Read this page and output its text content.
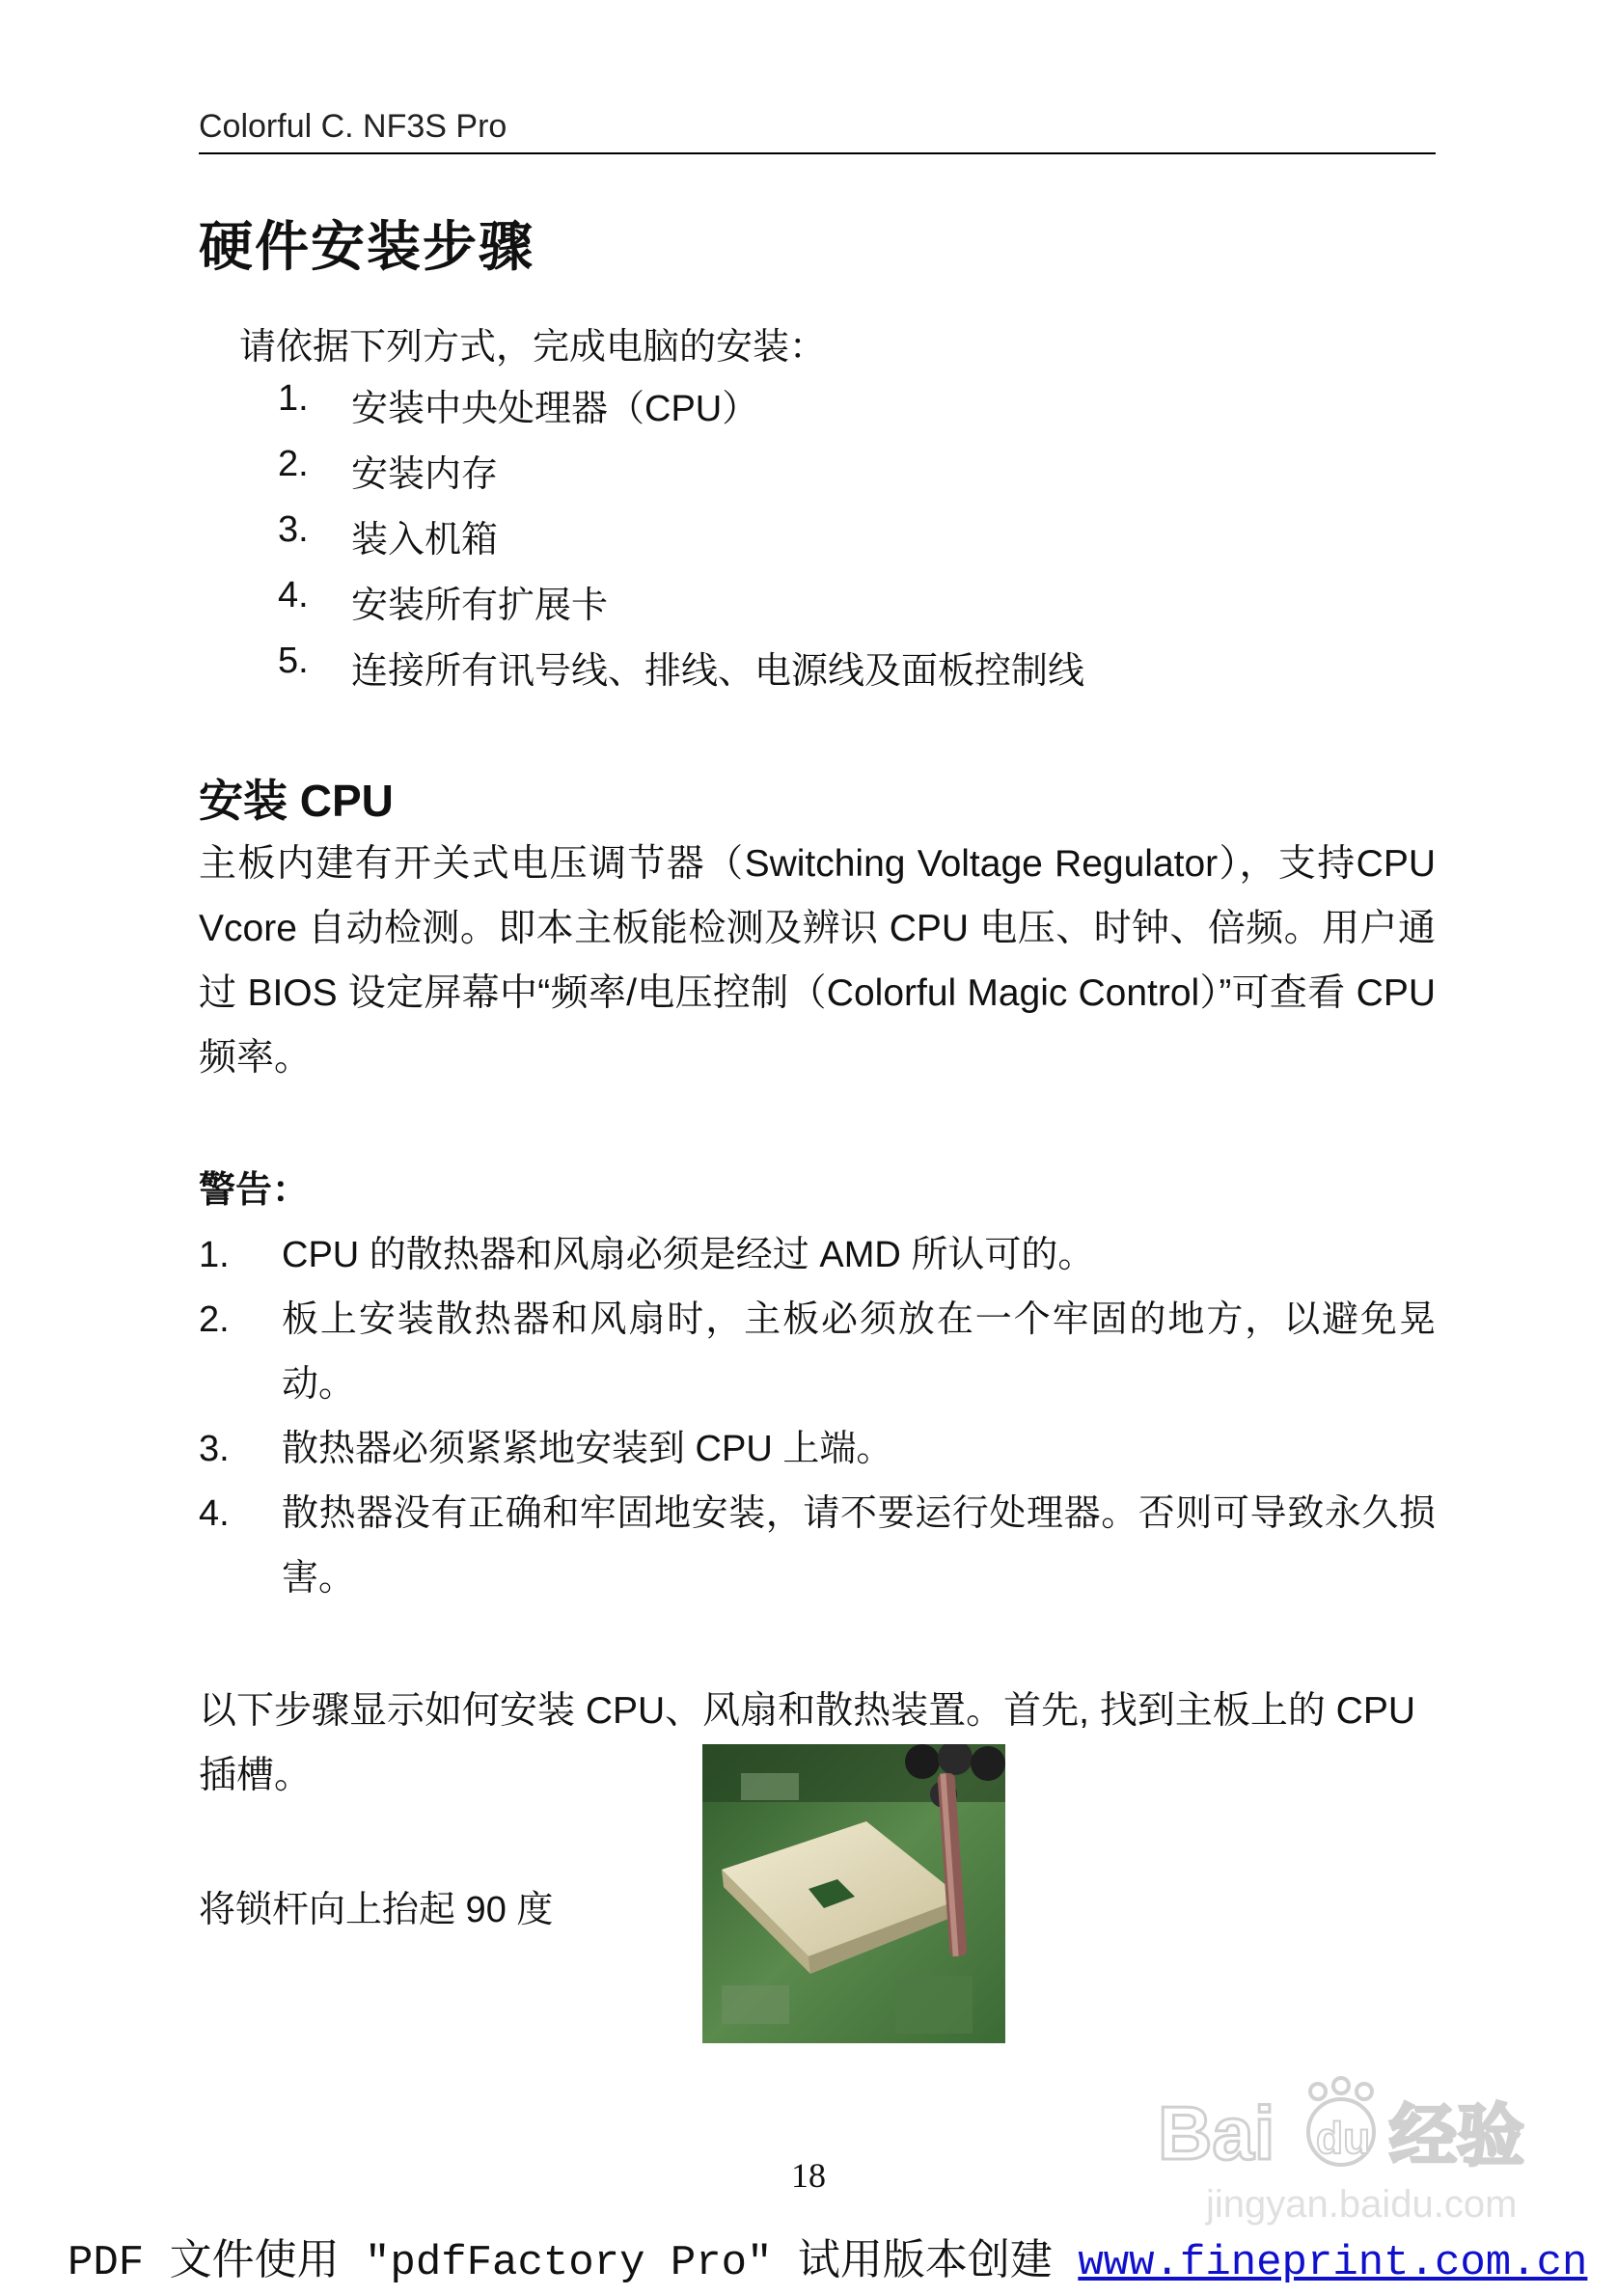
Colorful C. NF3S Pro
硬件安装步骤
请依据下列方式，完成电脑的安装：
1.	安装中央处理器（CPU）
2.	安装内存
3.	装入机箱
4.	安装所有扩展卡
5.	连接所有讯号线、排线、电源线及面板控制线
安装 CPU
主板内建有开关式电压调节器（Switching Voltage Regulator），支持CPU Vcore 自动检测。即本主板能检测及辨识 CPU 电压、时钟、倍频。用户通过 BIOS 设定屏幕中“频率/电压控制（Colorful Magic Control）”可查看 CPU 频率。
警告：
1.	CPU 的散热器和风扇必须是经过 AMD 所认可的。
2.	板上安装散热器和风扇时，主板必须放在一个牢固的地方，以避免晃动。
3.	散热器必须紧紧地安装到 CPU 上端。
4.	散热器没有正确和牢固地安装，请不要运行处理器。否则可导致永久损害。
以下步骤显示如何安装 CPU、风扇和散热装置。首先, 找到主板上的 CPU 插槽。
将锁杆向上抬起 90 度
18	Bai du 经验
jingyan.baidu.com
PDF 文件使用 "pdfFactory Pro" 试用版本创建 www.fineprint.com.cn
